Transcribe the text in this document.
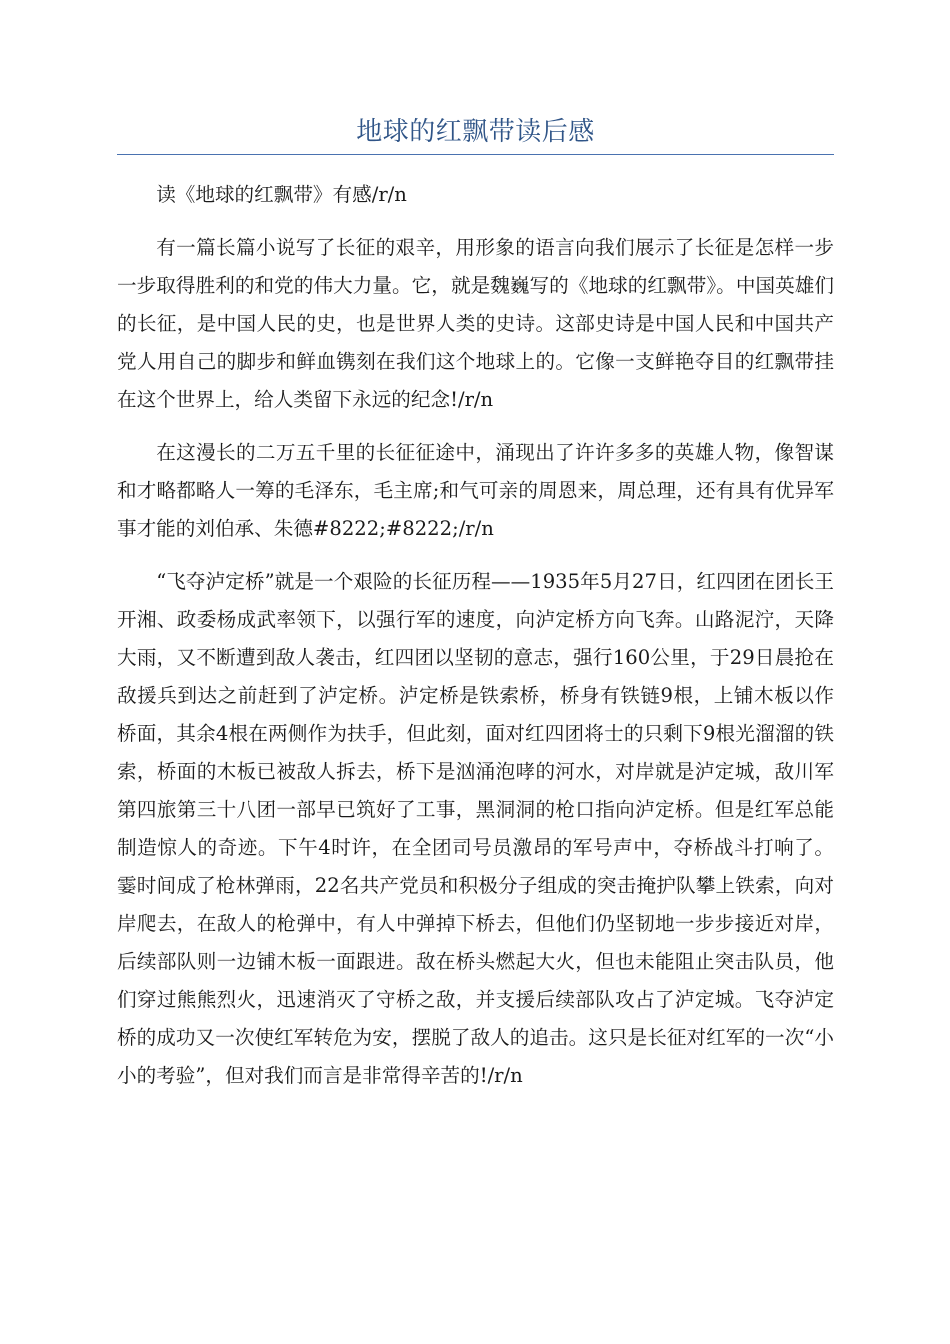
地球的红飘带读后感

读《地球的红飘带》有感/r/n

有一篇长篇小说写了长征的艰辛，用形象的语言向我们展示了长征是怎样一步一步取得胜利的和党的伟大力量。它，就是魏巍写的《地球的红飘带》。中国英雄们的长征，是中国人民的史，也是世界人类的史诗。这部史诗是中国人民和中国共产党人用自己的脚步和鲜血镌刻在我们这个地球上的。它像一支鲜艳夺目的红飘带挂在这个世界上，给人类留下永远的纪念!/r/n

在这漫长的二万五千里的长征征途中，涌现出了许许多多的英雄人物，像智谋和才略都略人一筹的毛泽东，毛主席;和气可亲的周恩来，周总理，还有具有优异军事才能的刘伯承、朱德#8222;#8222;/r/n

“飞夺泸定桥”就是一个艰险的长征历程——1935年5月27日，红四团在团长王开湘、政委杨成武率领下，以强行军的速度，向泸定桥方向飞奔。山路泥泞，天降大雨，又不断遭到敌人袭击，红四团以坚韧的意志，强行160公里，于29日晨抢在敌援兵到达之前赶到了泸定桥。泸定桥是铁索桥，桥身有铁链9根，上铺木板以作桥面，其余4根在两侧作为扶手，但此刻，面对红四团将士的只剩下9根光溜溜的铁索，桥面的木板已被敌人拆去，桥下是汹涌泡哮的河水，对岸就是泸定城，敌川军第四旅第三十八团一部早已筑好了工事，黑洞洞的枪口指向泸定桥。但是红军总能制造惊人的奇迹。下午4时许，在全团司号员激昂的军号声中，夺桥战斗打响了。霎时间成了枪林弹雨，22名共产党员和积极分子组成的突击掩护队攀上铁索，向对岸爬去，在敌人的枪弹中，有人中弹掉下桥去，但他们仍坚韧地一步步接近对岸，后续部队则一边铺木板一面跟进。敌在桥头燃起大火，但也未能阻止突击队员，他们穿过熊熊烈火，迅速消灭了守桥之敌，并支援后续部队攻占了泸定城。飞夺泸定桥的成功又一次使红军转危为安，摆脱了敌人的追击。这只是长征对红军的一次“小小的考验”，但对我们而言是非常得辛苦的!/r/n
